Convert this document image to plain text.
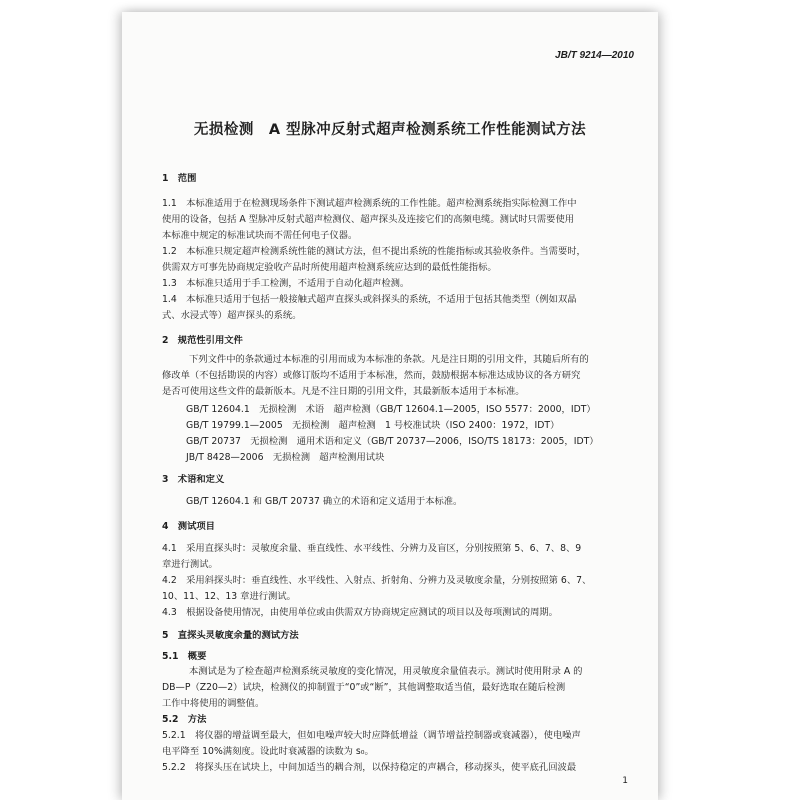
JB/T 9214—2010
无损检测　A 型脉冲反射式超声检测系统工作性能测试方法
1　范围
1.1　本标准适用于在检测现场条件下测试超声检测系统的工作性能。超声检测系统指实际检测工作中
使用的设备，包括 A 型脉冲反射式超声检测仪、超声探头及连接它们的高频电缆。测试时只需要使用
本标准中规定的标准试块而不需任何电子仪器。
1.2　本标准只规定超声检测系统性能的测试方法，但不提出系统的性能指标或其验收条件。当需要时，
供需双方可事先协商规定验收产品时所使用超声检测系统应达到的最低性能指标。
1.3　本标准只适用于手工检测，不适用于自动化超声检测。
1.4　本标准只适用于包括一般接触式超声直探头或斜探头的系统，不适用于包括其他类型（例如双晶
式、水浸式等）超声探头的系统。
2　规范性引用文件
下列文件中的条款通过本标准的引用而成为本标准的条款。凡是注日期的引用文件，其随后所有的
修改单（不包括勘误的内容）或修订版均不适用于本标准，然而，鼓励根据本标准达成协议的各方研究
是否可使用这些文件的最新版本。凡是不注日期的引用文件，其最新版本适用于本标准。
GB/T 12604.1　无损检测　术语　超声检测（GB/T 12604.1—2005，ISO 5577：2000，IDT）
GB/T 19799.1—2005　无损检测　超声检测　1 号校准试块（ISO 2400：1972，IDT）
GB/T 20737　无损检测　通用术语和定义（GB/T 20737—2006，ISO/TS 18173：2005，IDT）
JB/T 8428—2006　无损检测　超声检测用试块
3　术语和定义
GB/T 12604.1 和 GB/T 20737 确立的术语和定义适用于本标准。
4　测试项目
4.1　采用直探头时：灵敏度余量、垂直线性、水平线性、分辨力及盲区，分别按照第 5、6、7、8、9
章进行测试。
4.2　采用斜探头时：垂直线性、水平线性、入射点、折射角、分辨力及灵敏度余量，分别按照第 6、7、
10、11、12、13 章进行测试。
4.3　根据设备使用情况，由使用单位或由供需双方协商规定应测试的项目以及每项测试的周期。
5　直探头灵敏度余量的测试方法
5.1　概要
本测试是为了检查超声检测系统灵敏度的变化情况，用灵敏度余量值表示。测试时使用附录 A 的
DB—P（Z20—2）试块，检测仪的抑制置于“0”或“断”，其他调整取适当值，最好选取在随后检测
工作中将使用的调整值。
5.2　方法
5.2.1　将仪器的增益调至最大，但如电噪声较大时应降低增益（调节增益控制器或衰减器），使电噪声
电平降至 10%满刻度。设此时衰减器的读数为 s₀。
5.2.2　将探头压在试块上，中间加适当的耦合剂，以保持稳定的声耦合，移动探头，使平底孔回波最
1
